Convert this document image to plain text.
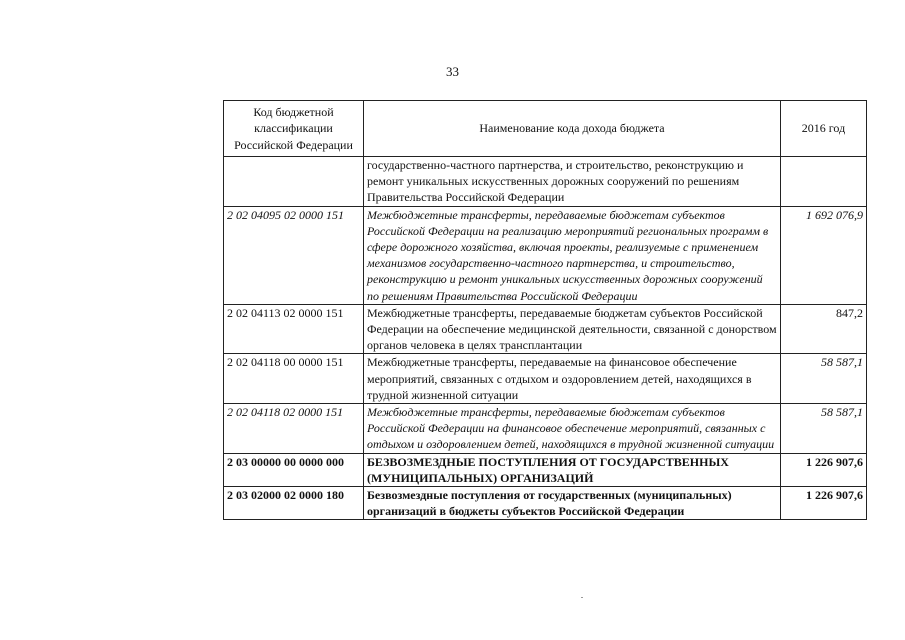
33
Код бюджетной классификации Российской Федерации	Наименование кода дохода бюджета	2016 год
	государственно-частного партнерства, и строительство, реконструкцию и ремонт уникальных искусственных дорожных сооружений по решениям Правительства Российской Федерации	
2 02 04095 02 0000 151	Межбюджетные трансферты, передаваемые бюджетам субъектов Российской Федерации на реализацию мероприятий региональных программ в сфере дорожного хозяйства, включая проекты, реализуемые с применением механизмов государственно-частного партнерства, и строительство, реконструкцию и ремонт уникальных искусственных дорожных сооружений по решениям Правительства Российской Федерации	1 692 076,9
2 02 04113 02 0000 151	Межбюджетные трансферты, передаваемые бюджетам субъектов Российской Федерации на обеспечение медицинской деятельности, связанной с донорством органов человека в целях трансплантации	847,2
2 02 04118 00 0000 151	Межбюджетные трансферты, передаваемые на финансовое обеспечение мероприятий, связанных с отдыхом и оздоровлением детей, находящихся в трудной жизненной ситуации	58 587,1
2 02 04118 02 0000 151	Межбюджетные трансферты, передаваемые бюджетам субъектов Российской Федерации на финансовое обеспечение мероприятий, связанных с отдыхом и оздоровлением детей, находящихся в трудной жизненной ситуации	58 587,1
2 03 00000 00 0000 000	БЕЗВОЗМЕЗДНЫЕ ПОСТУПЛЕНИЯ ОТ ГОСУДАРСТВЕННЫХ (МУНИЦИПАЛЬНЫХ) ОРГАНИЗАЦИЙ	1 226 907,6
2 03 02000 02 0000 180	Безвозмездные поступления от государственных (муниципальных) организаций в бюджеты субъектов Российской Федерации	1 226 907,6
